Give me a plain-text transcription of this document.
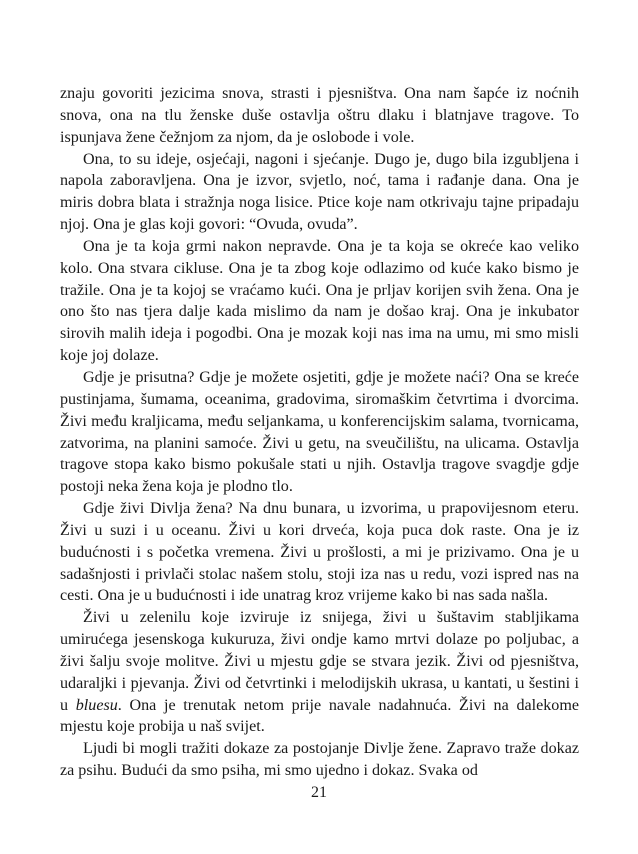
znaju govoriti jezicima snova, strasti i pjesništva. Ona nam šapće iz noćnih snova, ona na tlu ženske duše ostavlja oštru dlaku i blatnjave tragove. To ispunjava žene čežnjom za njom, da je oslobode i vole.

Ona, to su ideje, osjećaji, nagoni i sjećanje. Dugo je, dugo bila izgubljena i napola zaboravljena. Ona je izvor, svjetlo, noć, tama i rađanje dana. Ona je miris dobra blata i stražnja noga lisice. Ptice koje nam otkrivaju tajne pripadaju njoj. Ona je glas koji govori: “Ovuda, ovuda”.

Ona je ta koja grmi nakon nepravde. Ona je ta koja se okreće kao veliko kolo. Ona stvara cikluse. Ona je ta zbog koje odlazimo od kuće kako bismo je tražile. Ona je ta kojoj se vraćamo kući. Ona je prljav korijen svih žena. Ona je ono što nas tjera dalje kada mislimo da nam je došao kraj. Ona je inkubator sirovih malih ideja i pogodbi. Ona je mozak koji nas ima na umu, mi smo misli koje joj dolaze.

Gdje je prisutna? Gdje je možete osjetiti, gdje je možete naći? Ona se kreće pustinjama, šumama, oceanima, gradovima, siromaškim četvrtima i dvorcima. Živi među kraljicama, među seljankama, u konferencijskim salama, tvornicama, zatvorima, na planini samoće. Živi u getu, na sveučilištu, na ulicama. Ostavlja tragove stopa kako bismo pokušale stati u njih. Ostavlja tragove svagdje gdje postoji neka žena koja je plodno tlo.

Gdje živi Divlja žena? Na dnu bunara, u izvorima, u prapovijesnom eteru. Živi u suzi i u oceanu. Živi u kori drveća, koja puca dok raste. Ona je iz budućnosti i s početka vremena. Živi u prošlosti, a mi je prizivamo. Ona je u sadašnjosti i privlači stolac našem stolu, stoji iza nas u redu, vozi ispred nas na cesti. Ona je u budućnosti i ide unatrag kroz vrijeme kako bi nas sada našla.

Živi u zelenilu koje izviruje iz snijega, živi u šuštavim stabljikama umirućega jesenskoga kukuruza, živi ondje kamo mrtvi dolaze po poljubac, a živi šalju svoje molitve. Živi u mjestu gdje se stvara jezik. Živi od pjesništva, udaraljki i pjevanja. Živi od četvrtinki i melodijskih ukrasa, u kantati, u šestini i u bluesu. Ona je trenutak netom prije navale nadahnuća. Živi na dalekome mjestu koje probija u naš svijet.

Ljudi bi mogli tražiti dokaze za postojanje Divlje žene. Zapravo traže dokaz za psihu. Budući da smo psiha, mi smo ujedno i dokaz. Svaka od

21
